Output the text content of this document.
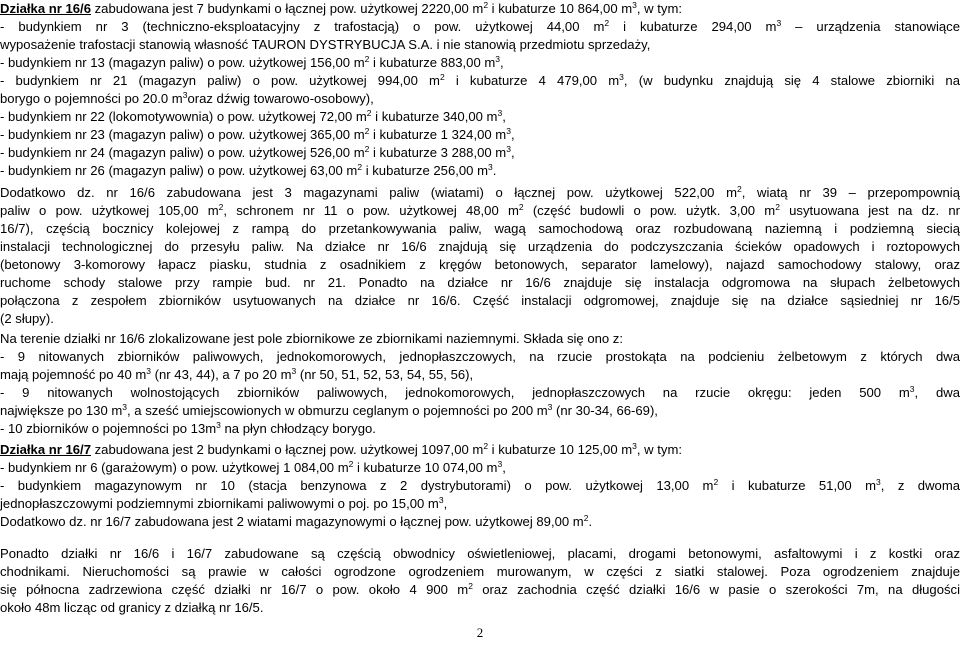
Działka nr 16/6 zabudowana jest 7 budynkami o łącznej pow. użytkowej 2220,00 $m^2$ i kubaturze 10 864,00 $m^3$, w tym:
- budynkiem nr 3 (techniczno-eksploatacyjny z trafostacją) o pow. użytkowej 44,00 $m^2$ i kubaturze 294,00 $m^3$ – urządzenia stanowiące
wyposażenie trafostacji stanowią własność TAURON DYSTRYBUCJA S.A. i nie stanowią przedmiotu sprzedaży,
- budynkiem nr 13 (magazyn paliw) o pow. użytkowej 156,00 $m^2$ i kubaturze 883,00 $m^3$,
- budynkiem nr 21 (magazyn paliw) o pow. użytkowej 994,00 $m^2$ i kubaturze 4 479,00 $m^3$, (w budynku znajdują się 4 stalowe zbiorniki na
borygo o pojemności po 20.0 $m^3oraz$ dźwig towarowo-osobowy),
- budynkiem nr 22 (lokomotywownia) o pow. użytkowej 72,00 $m^2$ i kubaturze 340,00 $m^3$,
- budynkiem nr 23 (magazyn paliw) o pow. użytkowej 365,00 $m^2$ i kubaturze 1 324,00 $m^3$,
- budynkiem nr 24 (magazyn paliw) o pow. użytkowej 526,00 $m^2$ i kubaturze 3 288,00 $m^3$,
- budynkiem nr 26 (magazyn paliw) o pow. użytkowej 63,00 $m^2$ i kubaturze 256,00 $m^3$.
Dodatkowo dz. nr 16/6 zabudowana jest 3 magazynami paliw (wiatami) o łącznej pow. użytkowej 522,00 $m^2$, wiatą nr 39 – przepompownią
paliw o pow. użytkowej 105,00 $m^2$, schronem nr 11 o pow. użytkowej 48,00 $m^2$ (część budowli o pow. użytk. 3,00 $m^2$ usytuowana jest na dz. nr
16/7), częścią bocznicy kolejowej z rampą do przetankowywania paliw, wagą samochodową oraz rozbudowaną naziemną i podziemną siecią
instalacji technologicznej do przesyłu paliw. Na działce nr 16/6 znajdują się urządzenia do podczyszczania ścieków opadowych i roztopowych
(betonowy 3-komorowy łapacz piasku, studnia z osadnikiem z kręgów betonowych, separator lamelowy), najazd samochodowy stalowy, oraz
ruchome schody stalowe przy rampie bud. nr 21. Ponadto na działce nr 16/6 znajduje się instalacja odgromowa na słupach żelbetowych
połączona z zespołem zbiorników usytuowanych na działce nr 16/6. Część instalacji odgromowej, znajduje się na działce sąsiedniej nr 16/5
(2 słupy).
Na terenie działki nr 16/6 zlokalizowane jest pole zbiornikowe ze zbiornikami naziemnymi. Składa się ono z:
- 9 nitowanych zbiorników paliwowych, jednokomorowych, jednopłaszczowych, na rzucie prostokąta na podcieniu żelbetowym z których dwa
mają pojemność po 40 $m^3$ (nr 43, 44), a 7 po 20 $m^3$ (nr 50, 51, 52, 53, 54, 55, 56),
- 9 nitowanych wolnostojących zbiorników paliwowych, jednokomorowych, jednopłaszczowych na rzucie okręgu: jeden 500 $m^3$, dwa
największe po 130 $m^3$, a sześć umiejscowionych w obmurzu ceglanym o pojemności po 200 $m^3$ (nr 30-34, 66-69),
- 10 zbiorników o pojemności po $13m^3$ na płyn chłodzący borygo.
Działka nr 16/7 zabudowana jest 2 budynkami o łącznej pow. użytkowej 1097,00 $m^2$ i kubaturze 10 125,00 $m^3$, w tym:
- budynkiem nr 6 (garażowym) o pow. użytkowej 1 084,00 $m^2$ i kubaturze 10 074,00 $m^3$,
- budynkiem magazynowym nr 10 (stacja benzynowa z 2 dystrybutorami) o pow. użytkowej 13,00 $m^2$ i kubaturze 51,00 $m^3$, z dwoma
jednopłaszczowymi podziemnymi zbiornikami paliwowymi o poj. po 15,00 $m^3$,
Dodatkowo dz. nr 16/7 zabudowana jest 2 wiatami magazynowymi o łącznej pow. użytkowej 89,00 $m^2$.
Ponadto działki nr 16/6 i 16/7 zabudowane są częścią obwodnicy oświetleniowej, placami, drogami betonowymi, asfaltowymi i z kostki oraz
chodnikami. Nieruchomości są prawie w całości ogrodzone ogrodzeniem murowanym, w części z siatki stalowej. Poza ogrodzeniem znajduje
się północna zadrzewiona część działki nr 16/7 o pow. około 4 900 $m^2$ oraz zachodnia część działki 16/6 w pasie o szerokości 7m, na długości
około 48m licząc od granicy z działką nr 16/5.
2
